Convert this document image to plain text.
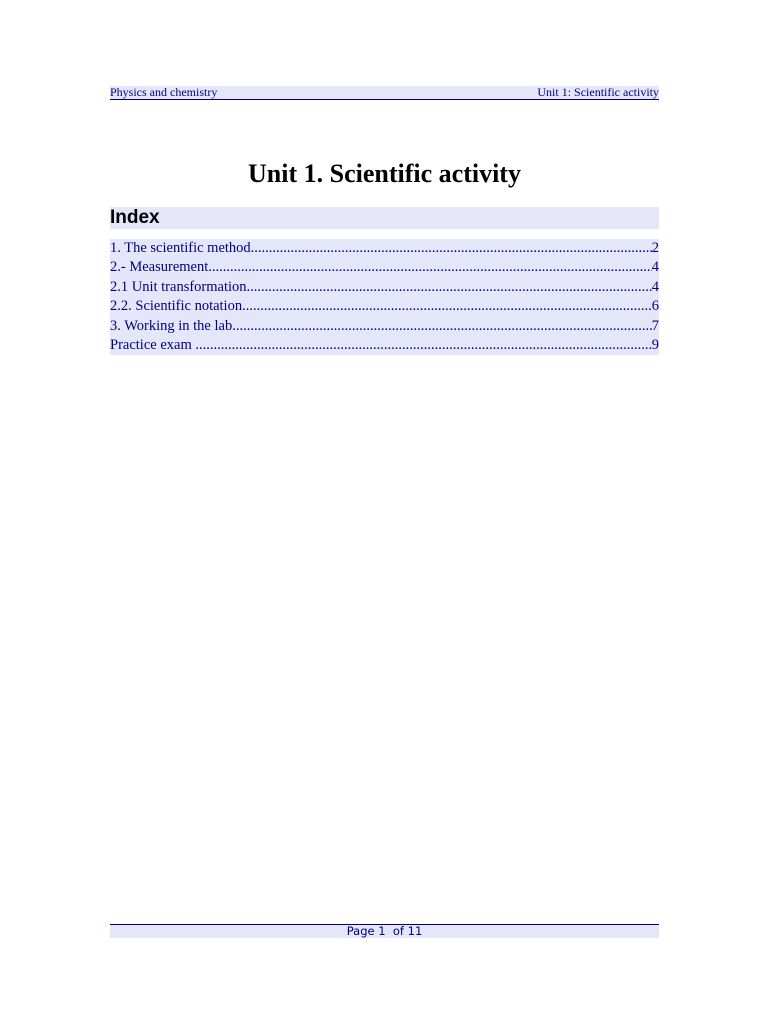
Physics and chemistry	Unit 1: Scientific activity
Unit 1. Scientific activity
Index
1. The scientific method .....	2
2.- Measurement .....	4
2.1 Unit transformation .....	4
2.2. Scientific notation .....	6
3. Working in the lab .....	7
Practice exam .....	9
Page 1 of 11
